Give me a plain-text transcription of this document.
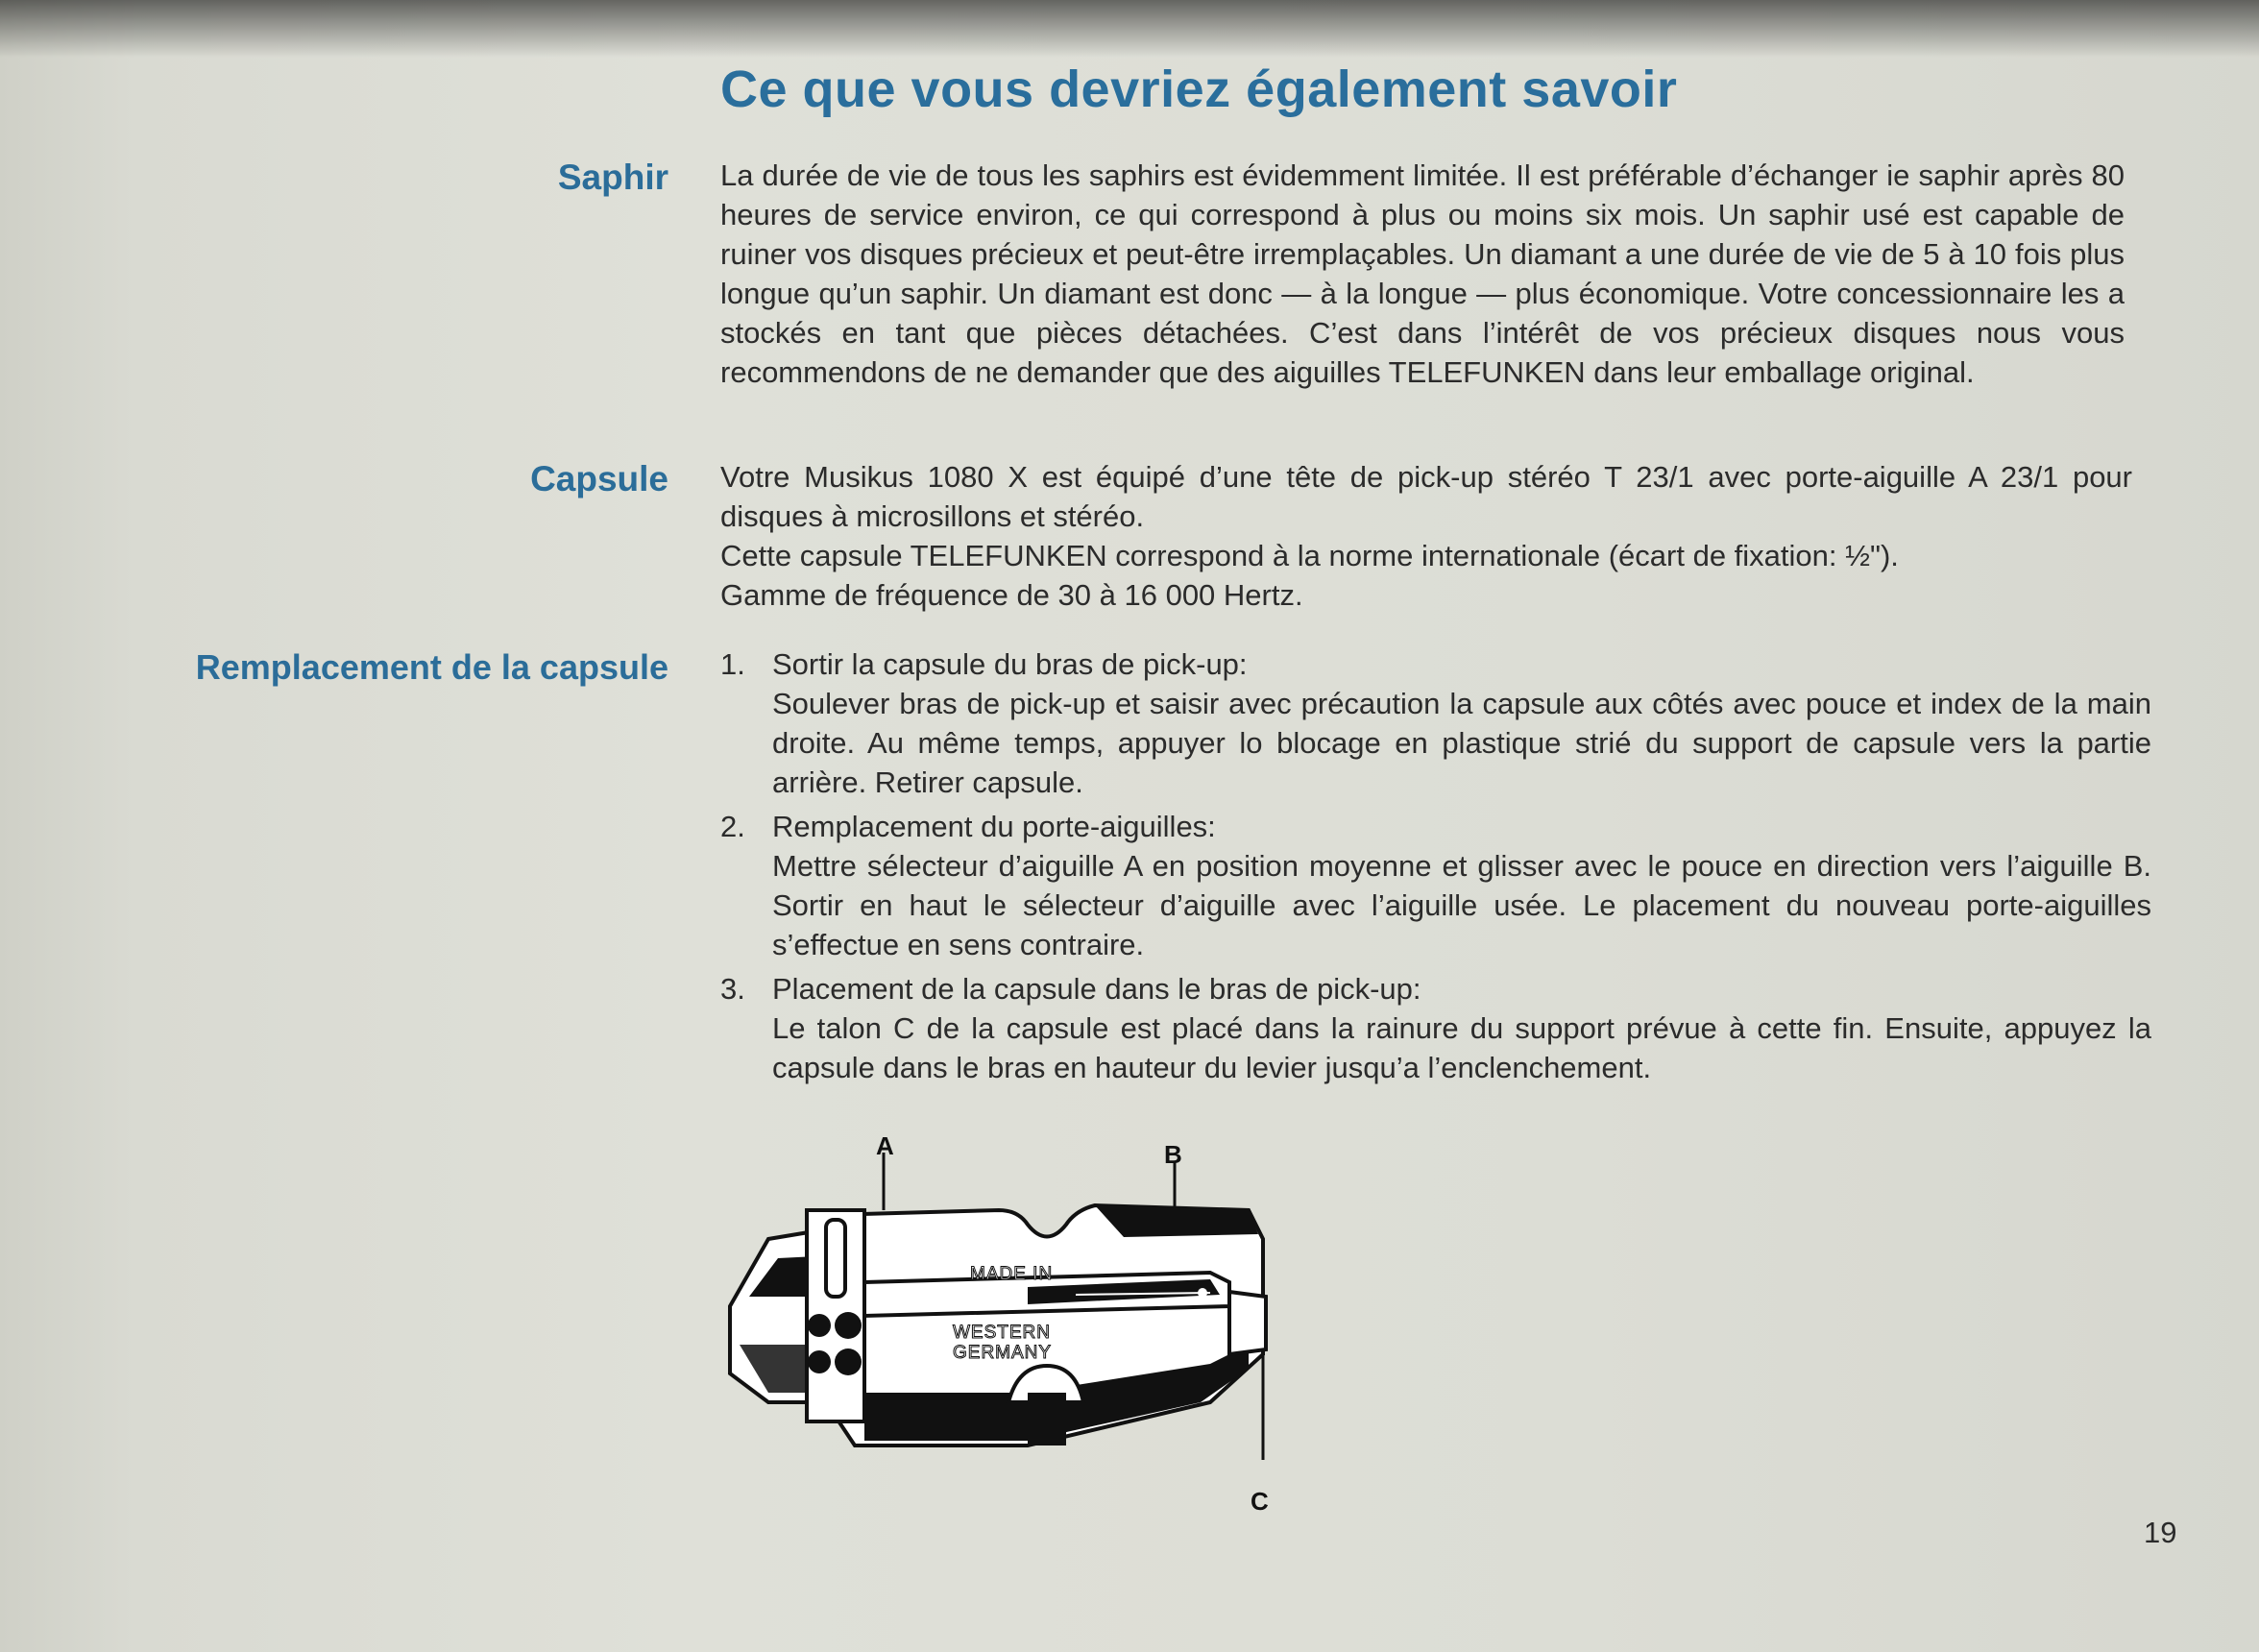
Ce que vous devriez également savoir
Saphir La durée de vie de tous les saphirs est évidemment limitée. Il est préférable d’échanger ie saphir après 80 heures de service environ, ce qui correspond à plus ou moins six mois. Un saphir usé est capable de ruiner vos disques précieux et peut-être irremplaçables. Un diamant a une durée de vie de 5 à 10 fois plus longue qu’un saphir. Un diamant est donc — à la longue — plus économique. Votre concessionnaire les a stockés en tant que pièces détachées. C’est dans l’intérêt de vos précieux disques nous vous recommendons de ne demander que des aiguilles TELEFUNKEN dans leur emballage original.

Capsule Votre Musikus 1080 X est équipé d’une tête de pick-up stéréo T 23/1 avec porte-aiguille A 23/1 pour disques à microsillons et stéréo.

Cette capsule TELEFUNKEN correspond à la norme internationale (écart de fixation: ½").

Gamme de fréquence de 30 à 16 000 Hertz.

Remplacement de la capsule 1. Sortir la capsule du bras de pick-up:
Soulever bras de pick-up et saisir avec précaution la capsule aux côtés avec pouce et index de la main droite. Au même temps, appuyer lo blocage en plastique strié du support de capsule vers la partie arrière. Retirer capsule.
2. Remplacement du porte-aiguilles:
Mettre sélecteur d’aiguille A en position moyenne et glisser avec le pouce en direction vers l’aiguille B. Sortir en haut le sélecteur d’aiguille avec l’aiguille usée. Le placement du nouveau porte-aiguilles s’effectue en sens contraire.
3. Placement de la capsule dans le bras de pick-up:
Le talon C de la capsule est placé dans la rainure du support prévue à cette fin. Ensuite, appuyez la capsule dans le bras en hauteur du levier jusqu’a l’enclenchement.
A	B
C
MADE IN
WESTERN
GERMANY
19
